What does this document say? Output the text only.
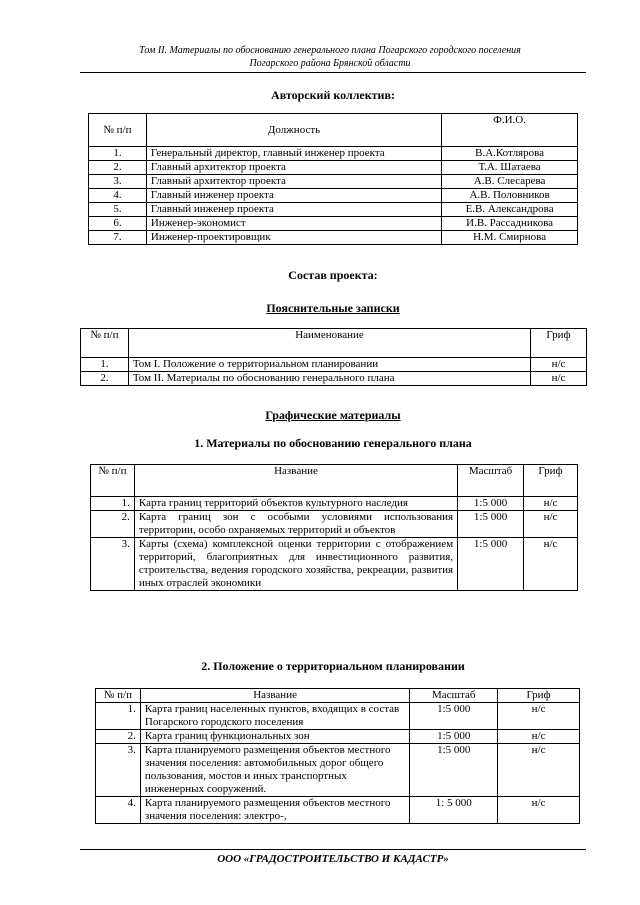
Том II. Материалы по обоснованию генерального плана Погарского городского поселения
Погарского района Брянской области
Авторский коллектив:
№ п/п	Должность	Ф.И.О.
1.	Генеральный директор, главный инженер проекта	В.А.Котлярова
2.	Главный архитектор проекта	Т.А. Шатаева
3.	Главный архитектор проекта	А.В. Слесарева
4.	Главный инженер проекта	А.В. Половников
5.	Главный инженер проекта	Е.В. Александрова
6.	Инженер-экономист	И.В. Рассадникова
7.	Инженер-проектировщик	Н.М. Смирнова
Состав проекта:
Пояснительные записки
№ п/п	Наименование	Гриф
1.	Том I. Положение о территориальном планировании	н/с
2.	Том II. Материалы по обоснованию генерального плана	н/с
Графические материалы
1. Материалы по обоснованию генерального плана
№ п/п	Название	Масштаб	Гриф
1.	Карта границ территорий объектов культурного наследия	1:5 000	н/с
2.	Карта границ зон с особыми условиями использования территории, особо охраняемых территорий и объектов	1:5 000	н/с
3.	Карты (схема) комплексной оценки территории с отображением территорий, благоприятных для инвестиционного развития, строительства, ведения городского хозяйства, рекреации, развития иных отраслей экономики	1:5 000	н/с
2. Положение о территориальном планировании
№ п/п	Название	Масштаб	Гриф
1.	Карта границ населенных пунктов, входящих в состав Погарского городского поселения	1:5 000	н/с
2.	Карта границ функциональных зон	1:5 000	н/с
3.	Карта планируемого размещения объектов местного значения поселения: автомобильных дорог общего пользования, мостов и иных транспортных инженерных сооружений.	1:5 000	н/с
4.	Карта планируемого размещения объектов местного значения поселения: электро-,	1: 5 000	н/с
ООО «ГРАДОСТРОИТЕЛЬСТВО И КАДАСТР»
